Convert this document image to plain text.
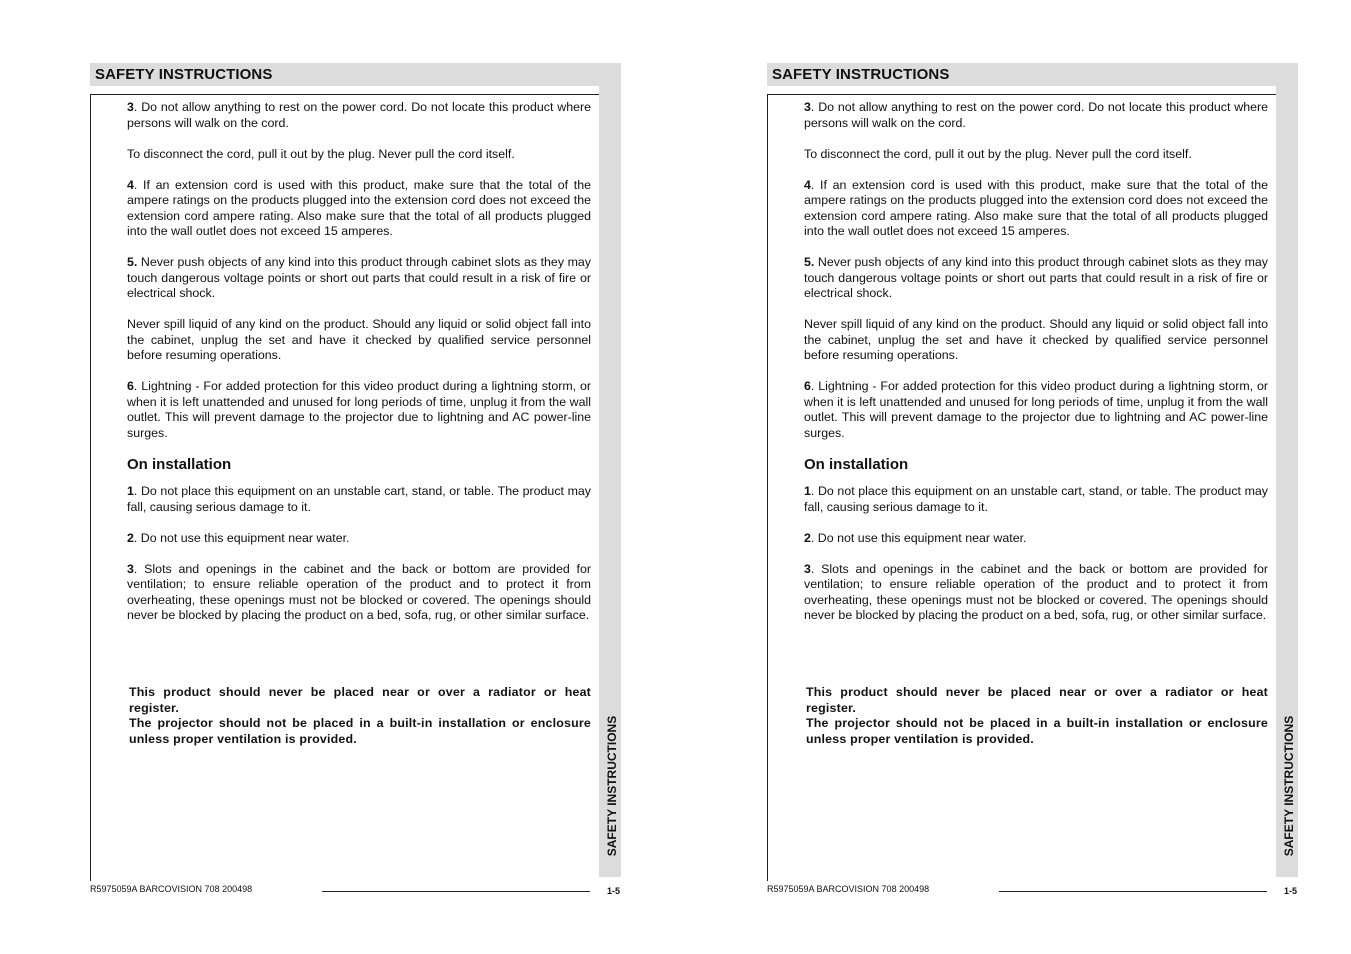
SAFETY INSTRUCTIONS
SAFETY INSTRUCTIONS

3. Do not allow anything to rest on the power cord. Do not locate this product where persons will walk on the cord.

To disconnect the cord, pull it out by the plug. Never pull the cord itself.

4. If an extension cord is used with this product, make sure that the total of the ampere ratings on the products plugged into the extension cord does not exceed the extension cord ampere rating. Also make sure that the total of all products plugged into the wall outlet does not exceed 15 amperes.

5. Never push objects of any kind into this product through cabinet slots as they may touch dangerous voltage points or short out parts that could result in a risk of fire or electrical shock.

Never spill liquid of any kind on the product. Should any liquid or solid object fall into the cabinet, unplug the set and have it checked by qualified service personnel before resuming operations.

6. Lightning - For added protection for this video product during a lightning storm, or when it is left unattended and unused for long periods of time, unplug it from the wall outlet. This will prevent damage to the projector due to lightning and AC power-line surges.

On installation

1. Do not place this equipment on an unstable cart, stand, or table. The product may fall, causing serious damage to it.

2. Do not use this equipment near water.

3. Slots and openings in the cabinet and the back or bottom are provided for ventilation; to ensure reliable operation of the product and to protect it from overheating, these openings must not be blocked or covered. The openings should never be blocked by placing the product on a bed, sofa, rug, or other similar surface.

This product should never be placed near or over a radiator or heat register.

The projector should not be placed in a built-in installation or enclosure unless proper ventilation is provided.

R5975059A BARCOVISION 708 200498	1-5
SAFETY INSTRUCTIONS
SAFETY INSTRUCTIONS

3. Do not allow anything to rest on the power cord. Do not locate this product where persons will walk on the cord.

To disconnect the cord, pull it out by the plug. Never pull the cord itself.

4. If an extension cord is used with this product, make sure that the total of the ampere ratings on the products plugged into the extension cord does not exceed the extension cord ampere rating. Also make sure that the total of all products plugged into the wall outlet does not exceed 15 amperes.

5. Never push objects of any kind into this product through cabinet slots as they may touch dangerous voltage points or short out parts that could result in a risk of fire or electrical shock.

Never spill liquid of any kind on the product. Should any liquid or solid object fall into the cabinet, unplug the set and have it checked by qualified service personnel before resuming operations.

6. Lightning - For added protection for this video product during a lightning storm, or when it is left unattended and unused for long periods of time, unplug it from the wall outlet. This will prevent damage to the projector due to lightning and AC power-line surges.

On installation

1. Do not place this equipment on an unstable cart, stand, or table. The product may fall, causing serious damage to it.

2. Do not use this equipment near water.

3. Slots and openings in the cabinet and the back or bottom are provided for ventilation; to ensure reliable operation of the product and to protect it from overheating, these openings must not be blocked or covered. The openings should never be blocked by placing the product on a bed, sofa, rug, or other similar surface.

This product should never be placed near or over a radiator or heat register.

The projector should not be placed in a built-in installation or enclosure unless proper ventilation is provided.

R5975059A BARCOVISION 708 200498	1-5
